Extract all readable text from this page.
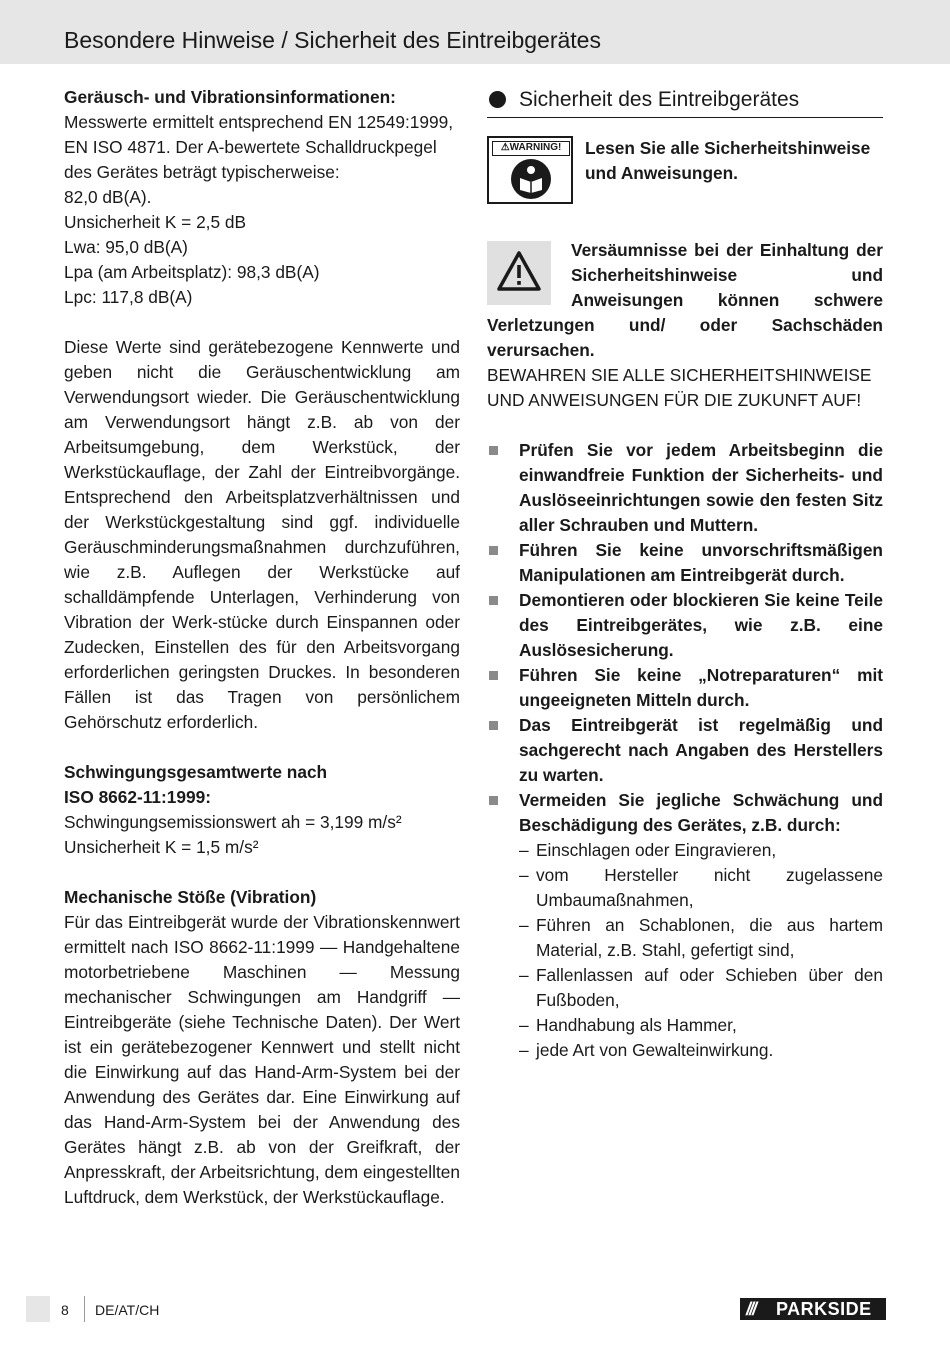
Besondere Hinweise / Sicherheit des Eintreibgerätes

Geräusch- und Vibrationsinformationen:

Messwerte ermittelt entsprechend EN 12549:1999,

EN ISO 4871. Der A-bewertete Schalldruckpegel

des Gerätes beträgt typischerweise:

82,0 dB(A).

Unsicherheit K = 2,5 dB

Lwa: 95,0 dB(A)

Lpa (am Arbeitsplatz): 98,3 dB(A)

Lpc: 117,8 dB(A)

Diese Werte sind gerätebezogene Kennwerte und geben nicht die Geräuschentwicklung am Verwendungsort wieder. Die Geräuschentwicklung am Verwendungsort hängt z.B. ab von der Arbeitsumgebung, dem Werkstück, der Werkstückauflage, der Zahl der Eintreibvorgänge. Entsprechend den Arbeitsplatzverhältnissen und der Werkstückgestaltung sind ggf. individuelle Geräuschminderungsmaßnahmen durchzuführen, wie z.B. Auflegen der Werkstücke auf schalldämpfende Unterlagen, Verhinderung von Vibration der Werk-stücke durch Einspannen oder Zudecken, Einstellen des für den Arbeitsvorgang erforderlichen geringsten Druckes. In besonderen Fällen ist das Tragen von persönlichem Gehörschutz erforderlich.

Schwingungsgesamtwerte nach

ISO 8662-11:1999:

Schwingungsemissionswert ah = 3,199 m/s²

Unsicherheit K = 1,5 m/s²

Mechanische Stöße (Vibration)

Für das Eintreibgerät wurde der Vibrationskennwert ermittelt nach ISO 8662-11:1999 — Handgehaltene motorbetriebene Maschinen — Messung mechanischer Schwingungen am Handgriff — Eintreibgeräte (siehe Technische Daten). Der Wert ist ein gerätebezogener Kennwert und stellt nicht die Einwirkung auf das Hand-Arm-System bei der Anwendung des Gerätes dar. Eine Einwirkung auf das Hand-Arm-System bei der Anwendung des Gerätes hängt z.B. ab von der Greifkraft, der Anpresskraft, der Arbeitsrichtung, dem eingestellten Luftdruck, dem Werkstück, der Werkstückauflage.

Sicherheit des Eintreibgerätes
⚠WARNING!	Lesen Sie alle Sicherheitshinweise und Anweisungen.

Versäumnisse bei der Einhaltung der Sicherheitshinweise und Anweisungen können schwere Verletzungen und/ oder Sachschäden verursachen.

BEWAHREN SIE ALLE SICHERHEITSHINWEISE UND ANWEISUNGEN FÜR DIE ZUKUNFT AUF!

Prüfen Sie vor jedem Arbeitsbeginn die einwandfreie Funktion der Sicherheits- und Auslöseeinrichtungen sowie den festen Sitz aller Schrauben und Muttern.
Führen Sie keine unvorschriftsmäßigen Manipulationen am Eintreibgerät durch.
Demontieren oder blockieren Sie keine Teile des Eintreibgerätes, wie z.B. eine Auslösesicherung.
Führen Sie keine „Notreparaturen“ mit ungeeigneten Mitteln durch.
Das Eintreibgerät ist regelmäßig und sachgerecht nach Angaben des Herstellers zu warten.
Vermeiden Sie jegliche Schwächung und Beschädigung des Gerätes, z.B. durch:
– Einschlagen oder Eingravieren,
– vom Hersteller nicht zugelassene Umbaumaßnahmen,
– Führen an Schablonen, die aus hartem Material, z.B. Stahl, gefertigt sind,
– Fallenlassen auf oder Schieben über den Fußboden,
– Handhabung als Hammer,
– jede Art von Gewalteinwirkung.
8 DE/AT/CH	/// PARKSIDE
